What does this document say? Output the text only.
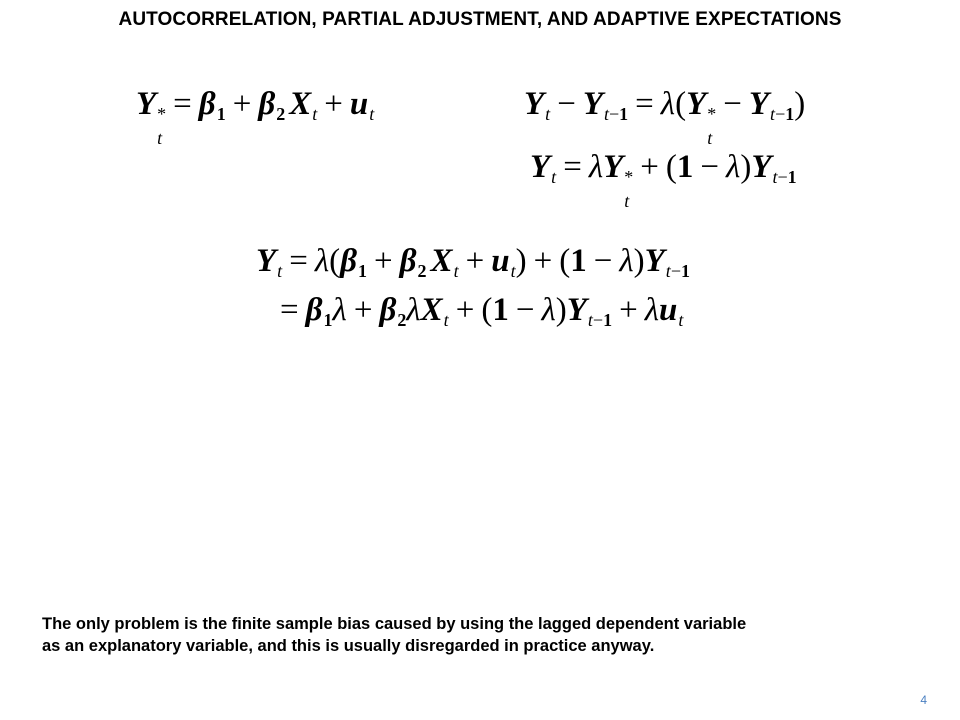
AUTOCORRELATION, PARTIAL ADJUSTMENT, AND ADAPTIVE EXPECTATIONS
Y *
t
= $\beta_1 + \beta_2$ $X_t + u_t$	$Y_t - Y_{t-1} = \lambda(Y$ *
t
− $Y_{t-1}$)
$Y_t = \lambda Y$ *
t
+ $(1 - \lambda)Y_{t-1}$
$Y_t = \lambda(\beta_1 + \beta_2$ $X_t + u_t) + (1 - \lambda)Y_{t-1}$
= $\beta_1\lambda + \beta_2\lambda X_t + (1 - \lambda)Y_{t-1} + \lambda u_t$
The only problem is the finite sample bias caused by using the lagged dependent variable
as an explanatory variable, and this is usually disregarded in practice anyway.
4
